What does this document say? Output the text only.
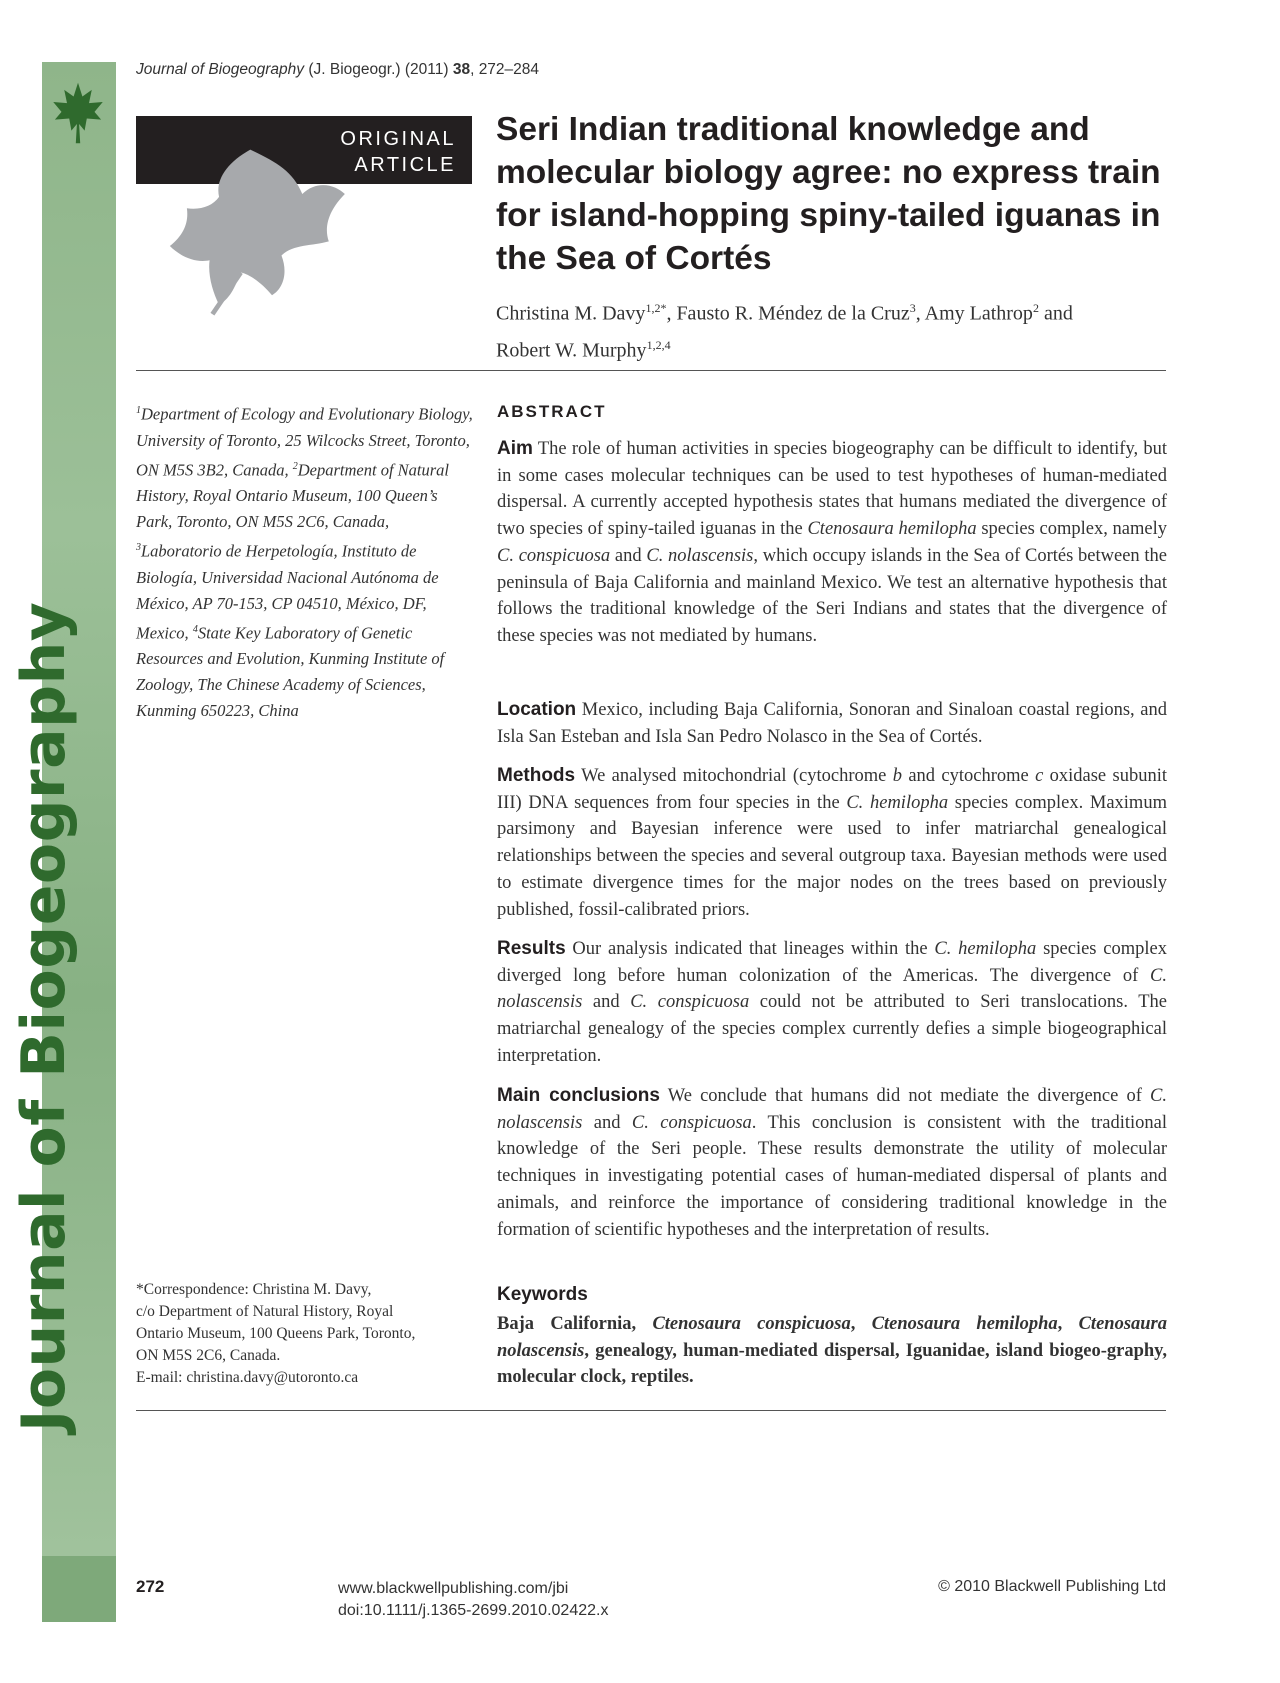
Journal of Biogeography
Journal of Biogeography (J. Biogeogr.) (2011) 38, 272–284
ORIGINAL
ARTICLE
Seri Indian traditional knowledge and molecular biology agree: no express train for island-hopping spiny-tailed iguanas in the Sea of Cortés
Christina M. Davy$^{1,2*}$, Fausto R. Méndez de la Cruz$^3$, Amy Lathrop$^2$ and
Robert W. Murphy$^{1,2,4}$
$^1$Department of Ecology and Evolutionary Biology, University of Toronto, 25 Wilcocks Street, Toronto, ON M5S 3B2, Canada, $^2$Department of Natural History, Royal Ontario Museum, 100 Queen’s Park, Toronto, ON M5S 2C6, Canada, $^3$Laboratorio de Herpetología, Instituto de Biología, Universidad Nacional Autónoma de México, AP 70-153, CP 04510, México, DF, Mexico, $^4$State Key Laboratory of Genetic Resources and Evolution, Kunming Institute of Zoology, The Chinese Academy of Sciences, Kunming 650223, China
*Correspondence: Christina M. Davy,
c/o Department of Natural History, Royal
Ontario Museum, 100 Queens Park, Toronto,
ON M5S 2C6, Canada.
E-mail: christina.davy@utoronto.ca
ABSTRACT

Aim The role of human activities in species biogeography can be difficult to identify, but in some cases molecular techniques can be used to test hypotheses of human-mediated dispersal. A currently accepted hypothesis states that humans mediated the divergence of two species of spiny-tailed iguanas in the Ctenosaura hemilopha species complex, namely C. conspicuosa and C. nolascensis, which occupy islands in the Sea of Cortés between the peninsula of Baja California and mainland Mexico. We test an alternative hypothesis that follows the traditional knowledge of the Seri Indians and states that the divergence of these species was not mediated by humans.

Location Mexico, including Baja California, Sonoran and Sinaloan coastal regions, and Isla San Esteban and Isla San Pedro Nolasco in the Sea of Cortés.

Methods We analysed mitochondrial (cytochrome b and cytochrome c oxidase subunit III) DNA sequences from four species in the C. hemilopha species complex. Maximum parsimony and Bayesian inference were used to infer matriarchal genealogical relationships between the species and several outgroup taxa. Bayesian methods were used to estimate divergence times for the major nodes on the trees based on previously published, fossil-calibrated priors.

Results Our analysis indicated that lineages within the C. hemilopha species complex diverged long before human colonization of the Americas. The divergence of C. nolascensis and C. conspicuosa could not be attributed to Seri translocations. The matriarchal genealogy of the species complex currently defies a simple biogeographical interpretation.

Main conclusions We conclude that humans did not mediate the divergence of C. nolascensis and C. conspicuosa. This conclusion is consistent with the traditional knowledge of the Seri people. These results demonstrate the utility of molecular techniques in investigating potential cases of human-mediated dispersal of plants and animals, and reinforce the importance of considering traditional knowledge in the formation of scientific hypotheses and the interpretation of results.

Keywords

Baja California, Ctenosaura conspicuosa, Ctenosaura hemilopha, Ctenosaura nolascensis, genealogy, human-mediated dispersal, Iguanidae, island biogeo-graphy, molecular clock, reptiles.

272	www.blackwellpublishing.com/jbi
doi:10.1111/j.1365-2699.2010.02422.x
© 2010 Blackwell Publishing Ltd
